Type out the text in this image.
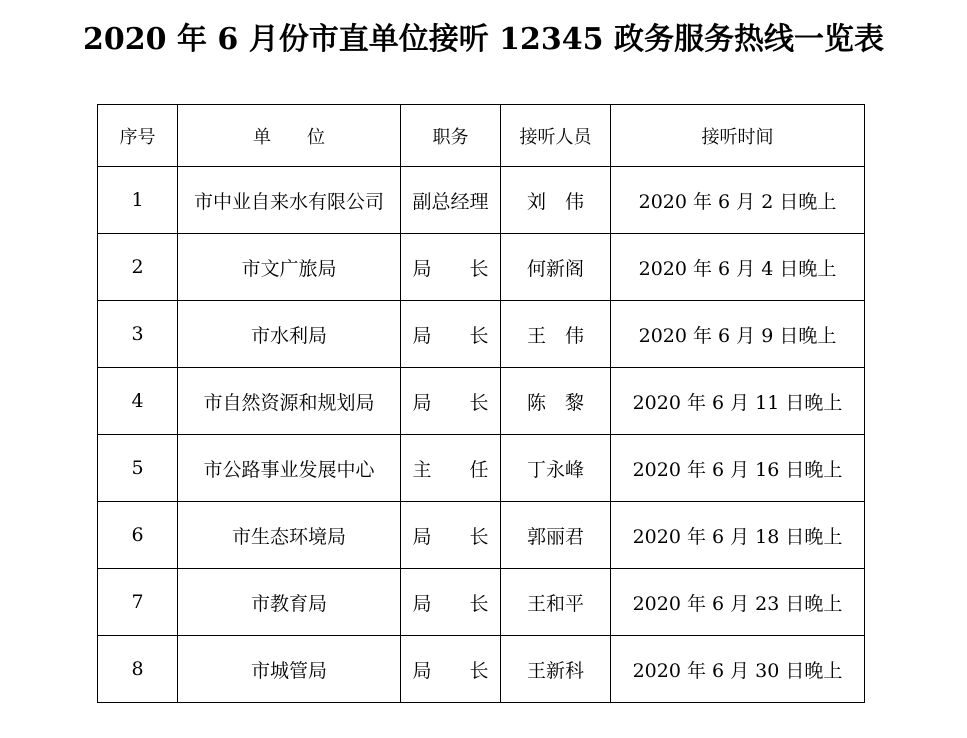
2020 年 6 月份市直单位接听 12345 政务服务热线一览表
序号	单　　位	职务	接听人员	接听时间
1	市中业自来水有限公司	副总经理	刘　伟	2020 年 6 月 2 日晚上
2	市文广旅局	局　　长	何新阁	2020 年 6 月 4 日晚上
3	市水利局	局　　长	王　伟	2020 年 6 月 9 日晚上
4	市自然资源和规划局	局　　长	陈　黎	2020 年 6 月 11 日晚上
5	市公路事业发展中心	主　　任	丁永峰	2020 年 6 月 16 日晚上
6	市生态环境局	局　　长	郭丽君	2020 年 6 月 18 日晚上
7	市教育局	局　　长	王和平	2020 年 6 月 23 日晚上
8	市城管局	局　　长	王新科	2020 年 6 月 30 日晚上
